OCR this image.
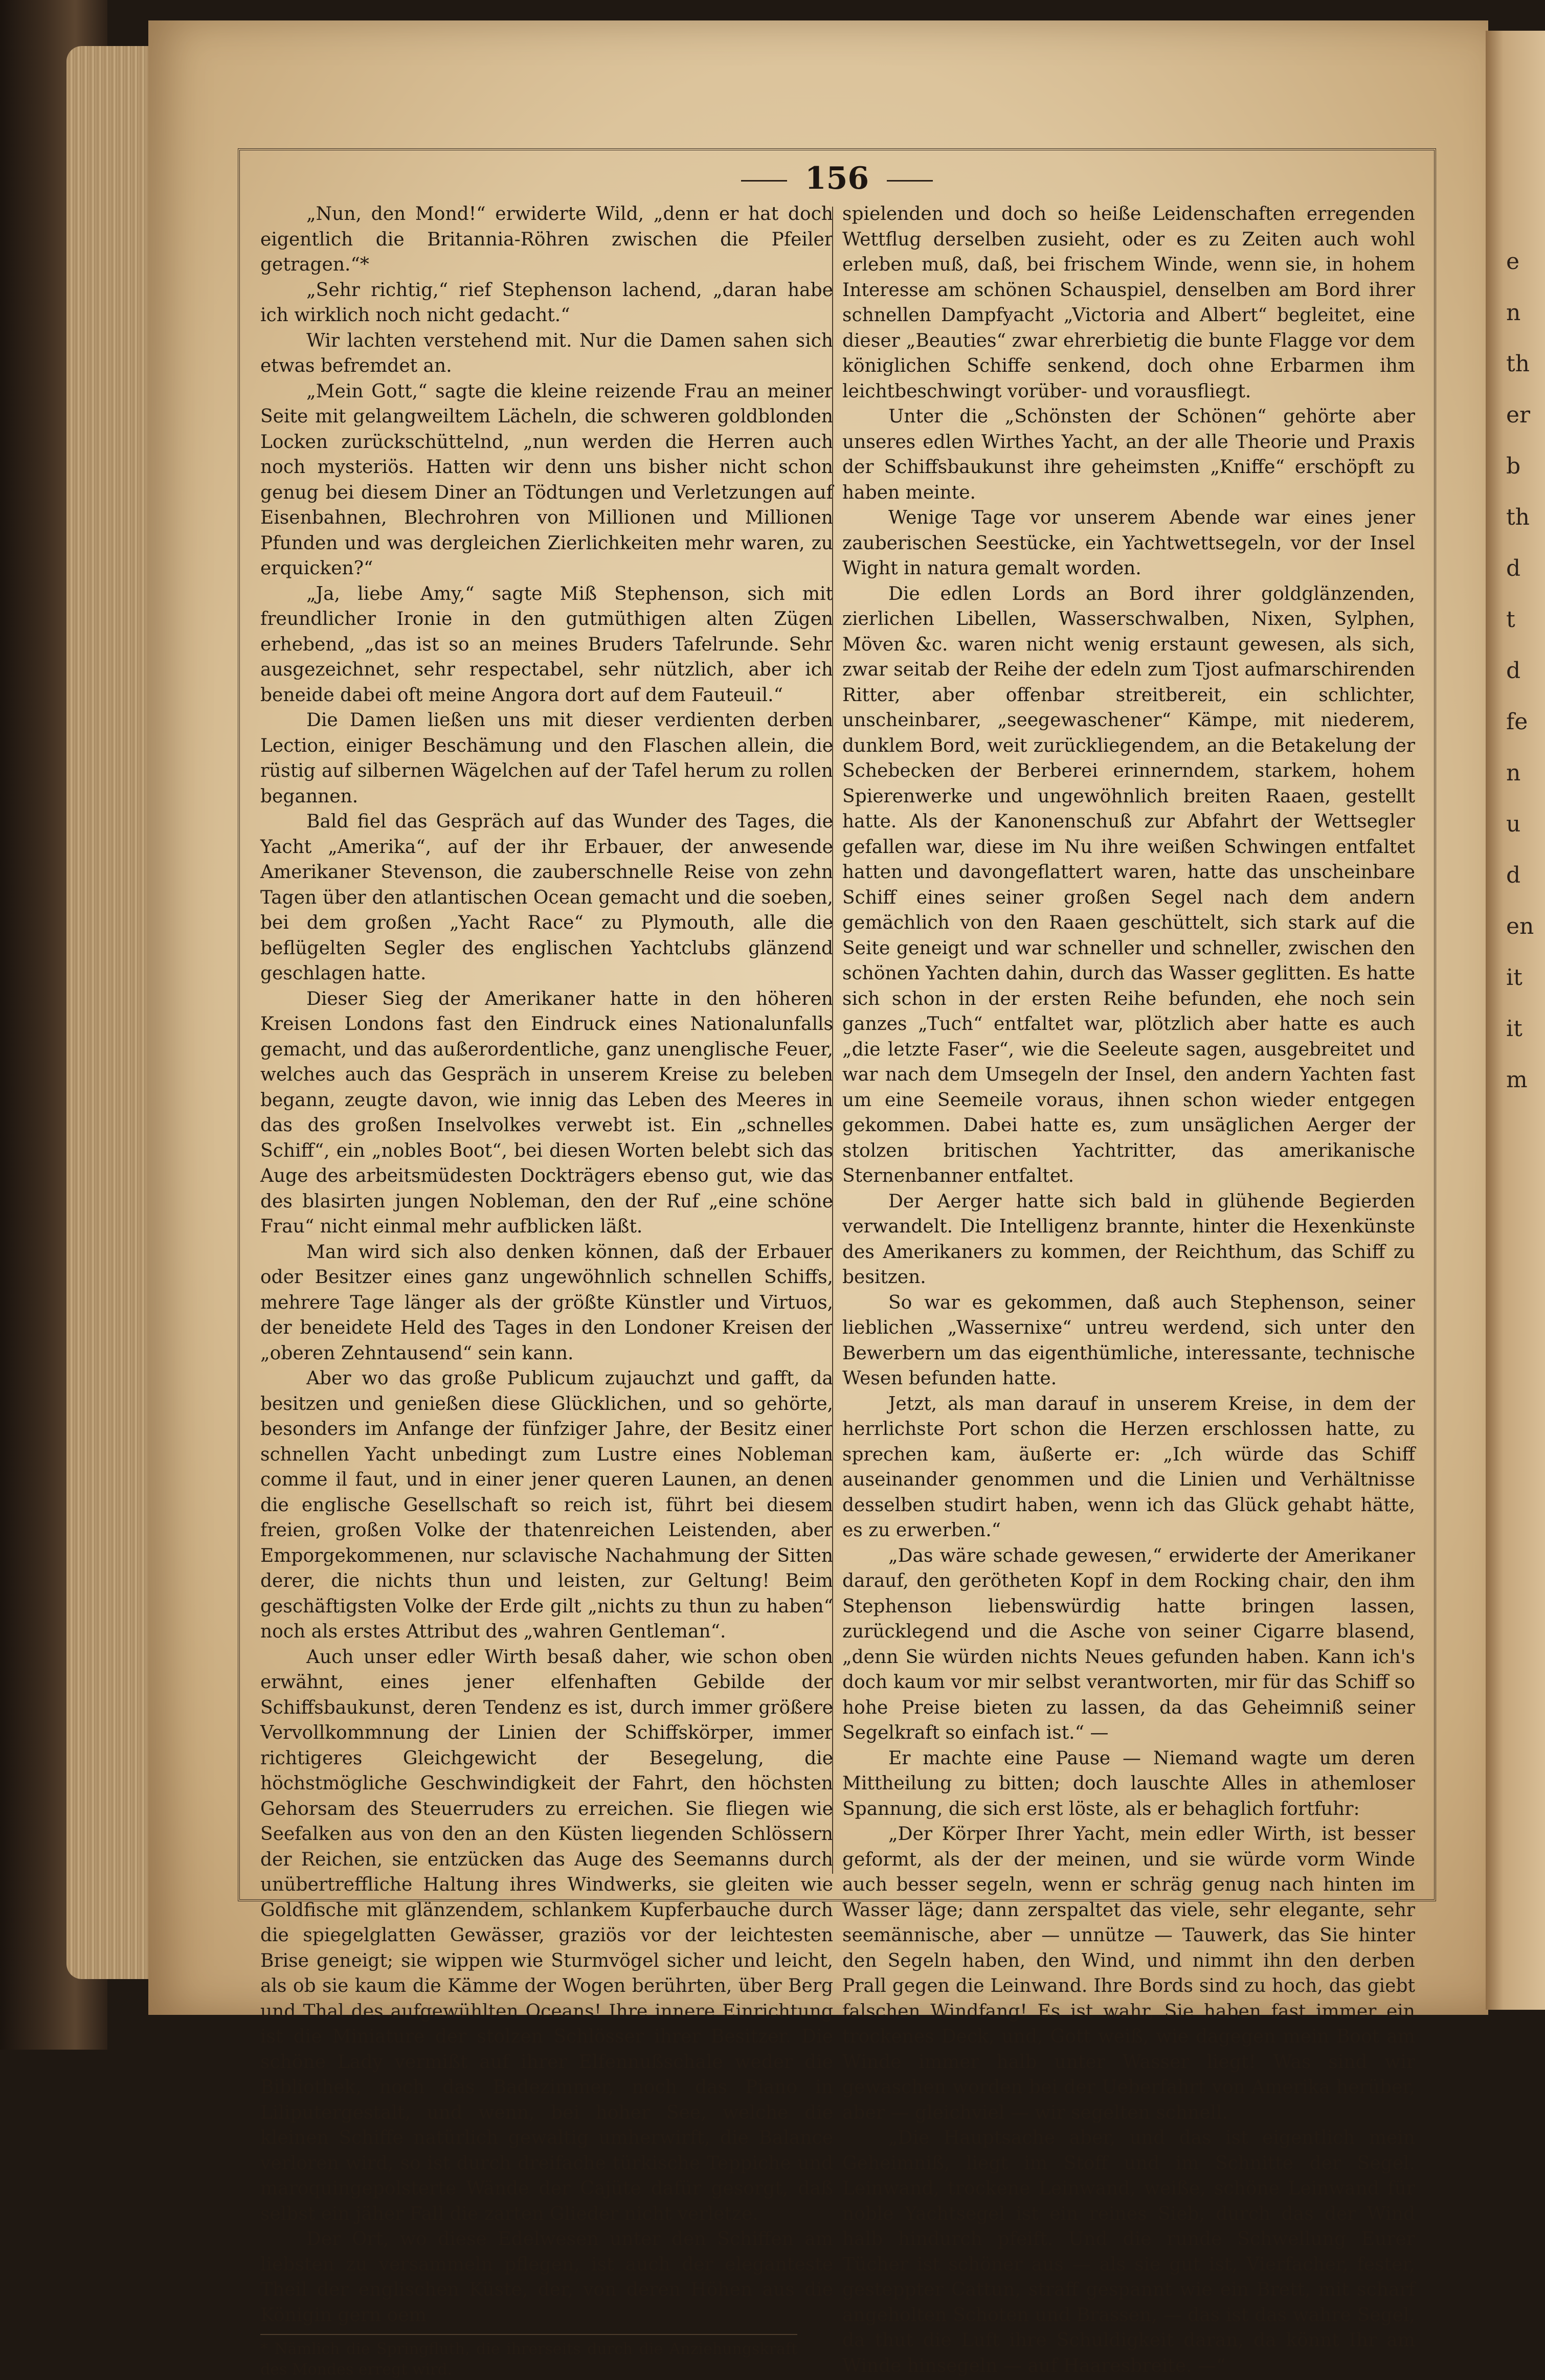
e
n
th
er
b
th
d
t
d
fe
n
u
d
en
it
it
m
156

„Nun, den Mond!“ erwiderte Wild, „denn er hat doch eigentlich die Britannia-Röhren zwischen die Pfeiler getragen.“*

„Sehr richtig,“ rief Stephenson lachend, „daran habe ich wirklich noch nicht gedacht.“

Wir lachten verstehend mit. Nur die Damen sahen sich etwas befremdet an.

„Mein Gott,“ sagte die kleine reizende Frau an meiner Seite mit gelangweiltem Lächeln, die schweren goldblonden Locken zurückschüttelnd, „nun werden die Herren auch noch mysteriös. Hatten wir denn uns bisher nicht schon genug bei diesem Diner an Tödtungen und Verletzungen auf Eisenbahnen, Blechrohren von Millionen und Millionen Pfunden und was dergleichen Zierlichkeiten mehr waren, zu erquicken?“

„Ja, liebe Amy,“ sagte Miß Stephenson, sich mit freundlicher Ironie in den gutmüthigen alten Zügen erhebend, „das ist so an meines Bruders Tafelrunde. Sehr ausgezeichnet, sehr respectabel, sehr nützlich, aber ich beneide dabei oft meine Angora dort auf dem Fauteuil.“

Die Damen ließen uns mit dieser verdienten derben Lection, einiger Beschämung und den Flaschen allein, die rüstig auf silbernen Wägelchen auf der Tafel herum zu rollen begannen.

Bald fiel das Gespräch auf das Wunder des Tages, die Yacht „Amerika“, auf der ihr Erbauer, der anwesende Amerikaner Stevenson, die zauberschnelle Reise von zehn Tagen über den atlantischen Ocean gemacht und die soeben, bei dem großen „Yacht Race“ zu Plymouth, alle die beflügelten Segler des englischen Yachtclubs glänzend geschlagen hatte.

Dieser Sieg der Amerikaner hatte in den höheren Kreisen Londons fast den Eindruck eines Nationalunfalls gemacht, und das außerordentliche, ganz unenglische Feuer, welches auch das Gespräch in unserem Kreise zu beleben begann, zeugte davon, wie innig das Leben des Meeres in das des großen Inselvolkes verwebt ist. Ein „schnelles Schiff“, ein „nobles Boot“, bei diesen Worten belebt sich das Auge des arbeitsmüdesten Dockträgers ebenso gut, wie das des blasirten jungen Nobleman, den der Ruf „eine schöne Frau“ nicht einmal mehr aufblicken läßt.

Man wird sich also denken können, daß der Erbauer oder Besitzer eines ganz ungewöhnlich schnellen Schiffs, mehrere Tage länger als der größte Künstler und Virtuos, der beneidete Held des Tages in den Londoner Kreisen der „oberen Zehntausend“ sein kann.

Aber wo das große Publicum zujauchzt und gafft, da besitzen und genießen diese Glücklichen, und so gehörte, besonders im Anfange der fünfziger Jahre, der Besitz einer schnellen Yacht unbedingt zum Lustre eines Nobleman comme il faut, und in einer jener queren Launen, an denen die englische Gesellschaft so reich ist, führt bei diesem freien, großen Volke der thatenreichen Leistenden, aber Emporgekommenen, nur sclavische Nachahmung der Sitten derer, die nichts thun und leisten, zur Geltung! Beim geschäftigsten Volke der Erde gilt „nichts zu thun zu haben“ noch als erstes Attribut des „wahren Gentleman“.

Auch unser edler Wirth besaß daher, wie schon oben erwähnt, eines jener elfenhaften Gebilde der Schiffsbaukunst, deren Tendenz es ist, durch immer größere Vervollkommnung der Linien der Schiffskörper, immer richtigeres Gleichgewicht der Besegelung, die höchstmögliche Geschwindigkeit der Fahrt, den höchsten Gehorsam des Steuerruders zu erreichen. Sie fliegen wie Seefalken aus von den an den Küsten liegenden Schlössern der Reichen, sie entzücken das Auge des Seemanns durch unübertreffliche Haltung ihres Windwerks, sie gleiten wie Goldfische mit glänzendem, schlankem Kupferbauche durch die spiegelglatten Gewässer, graziös vor der leichtesten Brise geneigt; sie wippen wie Sturmvögel sicher und leicht, als ob sie kaum die Kämme der Wogen berührten, über Berg und Thal des aufgewühlten Oceans! Ihre innere Einrichtung ist die Miniature der stolzen Schlösser ihrer Besitzer. Die schöne Lady vermißt auf ihrer Elfennußschale weder die Bibliothek, noch das Badezimmer, noch das Piano in Liliputergestalt, und wenn, bei hoher See, welche die kleinen Schiffe natürlich gewaltig umherwirft, die Balance verloren wird, so ist durch dreifache türkische Teppiche und maroquingepolsterte Wände der Cajüte dafür gesorgt, daß selbst ein jäher Fall die zarten Glieder nicht verletze.

Der Ort, wo diese Edelwesen unter den Schiffen am liebsten zu versammeln pflegen, ist auch der eleganteste Theil der englischen Küste, der, von deren Höhen aus die Königin gern oem

* Nämlich die Springfluth, die ihrerseits durch die Anziehungskraft des Mondes erregt wird.

spielenden und doch so heiße Leidenschaften erregenden Wettflug derselben zusieht, oder es zu Zeiten auch wohl erleben muß, daß, bei frischem Winde, wenn sie, in hohem Interesse am schönen Schauspiel, denselben am Bord ihrer schnellen Dampfyacht „Victoria and Albert“ begleitet, eine dieser „Beauties“ zwar ehrerbietig die bunte Flagge vor dem königlichen Schiffe senkend, doch ohne Erbarmen ihm leichtbeschwingt vorüber- und vorausfliegt.

Unter die „Schönsten der Schönen“ gehörte aber unseres edlen Wirthes Yacht, an der alle Theorie und Praxis der Schiffsbaukunst ihre geheimsten „Kniffe“ erschöpft zu haben meinte.

Wenige Tage vor unserem Abende war eines jener zauberischen Seestücke, ein Yachtwettsegeln, vor der Insel Wight in natura gemalt worden.

Die edlen Lords an Bord ihrer goldglänzenden, zierlichen Libellen, Wasserschwalben, Nixen, Sylphen, Möven &c. waren nicht wenig erstaunt gewesen, als sich, zwar seitab der Reihe der edeln zum Tjost aufmarschirenden Ritter, aber offenbar streitbereit, ein schlichter, unscheinbarer, „seegewaschener“ Kämpe, mit niederem, dunklem Bord, weit zurückliegendem, an die Betakelung der Schebecken der Berberei erinnerndem, starkem, hohem Spierenwerke und ungewöhnlich breiten Raaen, gestellt hatte. Als der Kanonenschuß zur Abfahrt der Wettsegler gefallen war, diese im Nu ihre weißen Schwingen entfaltet hatten und davongeflattert waren, hatte das unscheinbare Schiff eines seiner großen Segel nach dem andern gemächlich von den Raaen geschüttelt, sich stark auf die Seite geneigt und war schneller und schneller, zwischen den schönen Yachten dahin, durch das Wasser geglitten. Es hatte sich schon in der ersten Reihe befunden, ehe noch sein ganzes „Tuch“ entfaltet war, plötzlich aber hatte es auch „die letzte Faser“, wie die Seeleute sagen, ausgebreitet und war nach dem Umsegeln der Insel, den andern Yachten fast um eine Seemeile voraus, ihnen schon wieder entgegen gekommen. Dabei hatte es, zum unsäglichen Aerger der stolzen britischen Yachtritter, das amerikanische Sternenbanner entfaltet.

Der Aerger hatte sich bald in glühende Begierden verwandelt. Die Intelligenz brannte, hinter die Hexenkünste des Amerikaners zu kommen, der Reichthum, das Schiff zu besitzen.

So war es gekommen, daß auch Stephenson, seiner lieblichen „Wassernixe“ untreu werdend, sich unter den Bewerbern um das eigenthümliche, interessante, technische Wesen befunden hatte.

Jetzt, als man darauf in unserem Kreise, in dem der herrlichste Port schon die Herzen erschlossen hatte, zu sprechen kam, äußerte er: „Ich würde das Schiff auseinander genommen und die Linien und Verhältnisse desselben studirt haben, wenn ich das Glück gehabt hätte, es zu erwerben.“

„Das wäre schade gewesen,“ erwiderte der Amerikaner darauf, den gerötheten Kopf in dem Rocking chair, den ihm Stephenson liebenswürdig hatte bringen lassen, zurücklegend und die Asche von seiner Cigarre blasend, „denn Sie würden nichts Neues gefunden haben. Kann ich's doch kaum vor mir selbst verantworten, mir für das Schiff so hohe Preise bieten zu lassen, da das Geheimniß seiner Segelkraft so einfach ist.“ —

Er machte eine Pause — Niemand wagte um deren Mittheilung zu bitten; doch lauschte Alles in athemloser Spannung, die sich erst löste, als er behaglich fortfuhr:

„Der Körper Ihrer Yacht, mein edler Wirth, ist besser geformt, als der der meinen, und sie würde vorm Winde auch besser segeln, wenn er schräg genug nach hinten im Wasser läge; dann zerspaltet das viele, sehr elegante, sehr seemännische, aber — unnütze — Tauwerk, das Sie hinter den Segeln haben, den Wind, und nimmt ihn den derben Prall gegen die Leinwand. Ihre Bords sind zu hoch, das giebt falschen Windfang! Es ist wahr, Sie haben fast immer ein trockenes Deck, und, Gott weiß, wie dagegen mein Boot am Winde immer halb unter Wasser liegt! Was sind wir gewaschen worden bei der Ueberfahrt von Amerika herüber, aber — gleichviel — wir segelten schnell.

„Die Hauptsache aber, und das ist eigentlich mein Geheimniß, liegt im Stoff und im Schnitte der Segel. Leinwand, trockene Leinwand, weiße, schöne Leinwand für noble Yachtsegel ist ein reines Sieb, durch das der Wind halb hindurch pfeift. Und die runde Schwellung Eurer Tücher ist schöner aus — als sie gut ist, Vierfacher, fester, gesteppter Cattun, straff gespannt wie ein Brett, mit scharf angeholten Schoten und Brassen, — das ist das wahre Segel, da thut die Luft ihre Schuldigkeit daran, da könnt Ihr am Winde hinsegeln — auf Haaresbreite. —“
